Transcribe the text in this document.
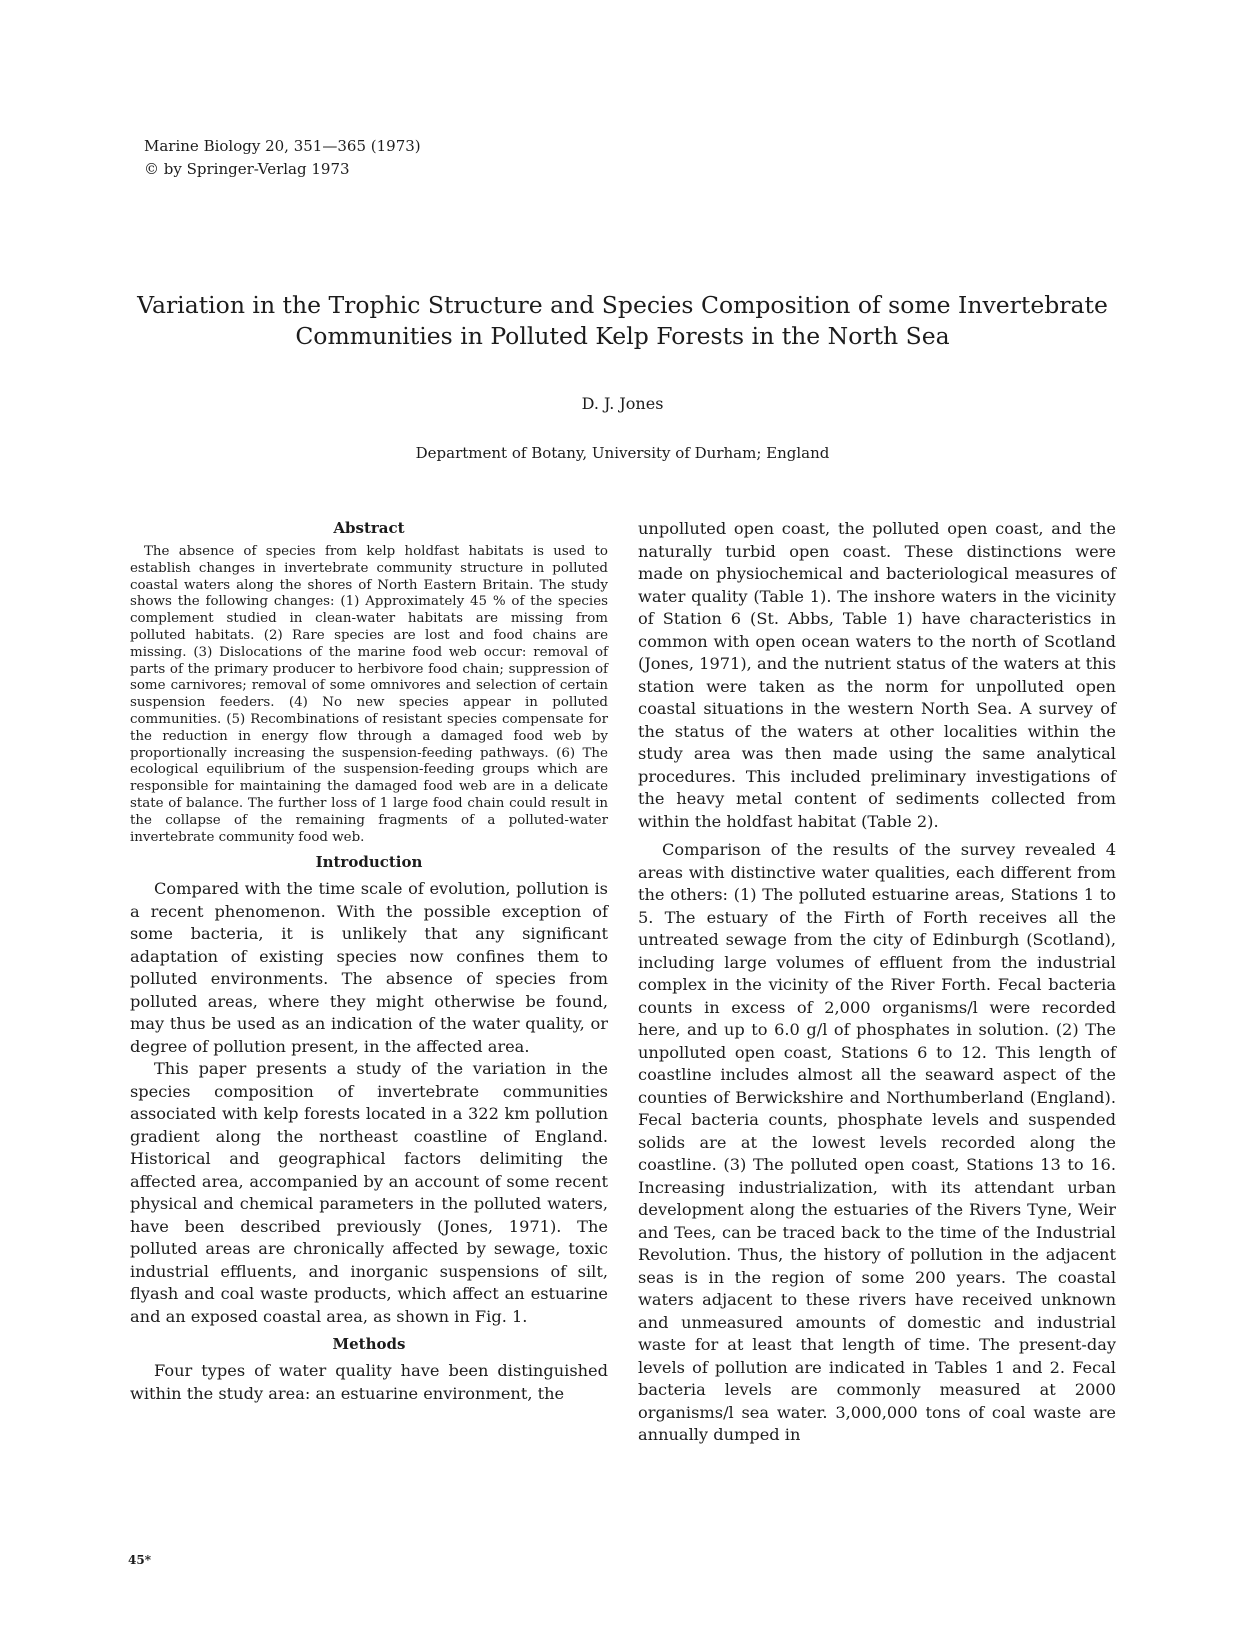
Marine Biology 20, 351—365 (1973)
© by Springer-Verlag 1973
Variation in the Trophic Structure and Species Composition of some Invertebrate
Communities in Polluted Kelp Forests in the North Sea
D. J. Jones
Department of Botany, University of Durham; England
Abstract

The absence of species from kelp holdfast habitats is used to establish changes in invertebrate community structure in polluted coastal waters along the shores of North Eastern Britain. The study shows the following changes: (1) Approximately 45 % of the species complement studied in clean-water habitats are missing from polluted habitats. (2) Rare species are lost and food chains are missing. (3) Dislocations of the marine food web occur: removal of parts of the primary producer to herbivore food chain; suppression of some carnivores; removal of some omnivores and selection of certain suspension feeders. (4) No new species appear in polluted communities. (5) Recombinations of resistant species compensate for the reduction in energy flow through a damaged food web by proportionally increasing the suspension-feeding pathways. (6) The ecological equilibrium of the suspension-feeding groups which are responsible for maintaining the damaged food web are in a delicate state of balance. The further loss of 1 large food chain could result in the collapse of the remaining fragments of a polluted-water invertebrate community food web.

Introduction

Compared with the time scale of evolution, pollution is a recent phenomenon. With the possible exception of some bacteria, it is unlikely that any significant adaptation of existing species now confines them to polluted environments. The absence of species from polluted areas, where they might otherwise be found, may thus be used as an indication of the water quality, or degree of pollution present, in the affected area.

This paper presents a study of the variation in the species composition of invertebrate communities associated with kelp forests located in a 322 km pollution gradient along the northeast coastline of England. Historical and geographical factors delimiting the affected area, accompanied by an account of some recent physical and chemical parameters in the polluted waters, have been described previously (Jones, 1971). The polluted areas are chronically affected by sewage, toxic industrial effluents, and inorganic suspensions of silt, flyash and coal waste products, which affect an estuarine and an exposed coastal area, as shown in Fig. 1.

Methods

Four types of water quality have been distinguished within the study area: an estuarine environment, the

unpolluted open coast, the polluted open coast, and the naturally turbid open coast. These distinctions were made on physiochemical and bacteriological measures of water quality (Table 1). The inshore waters in the vicinity of Station 6 (St. Abbs, Table 1) have characteristics in common with open ocean waters to the north of Scotland (Jones, 1971), and the nutrient status of the waters at this station were taken as the norm for unpolluted open coastal situations in the western North Sea. A survey of the status of the waters at other localities within the study area was then made using the same analytical procedures. This included preliminary investigations of the heavy metal content of sediments collected from within the holdfast habitat (Table 2).

Comparison of the results of the survey revealed 4 areas with distinctive water qualities, each different from the others: (1) The polluted estuarine areas, Stations 1 to 5. The estuary of the Firth of Forth receives all the untreated sewage from the city of Edinburgh (Scotland), including large volumes of effluent from the industrial complex in the vicinity of the River Forth. Fecal bacteria counts in excess of 2,000 organisms/l were recorded here, and up to 6.0 g/l of phosphates in solution. (2) The unpolluted open coast, Stations 6 to 12. This length of coastline includes almost all the seaward aspect of the counties of Berwickshire and Northumberland (England). Fecal bacteria counts, phosphate levels and suspended solids are at the lowest levels recorded along the coastline. (3) The polluted open coast, Stations 13 to 16. Increasing industrialization, with its attendant urban development along the estuaries of the Rivers Tyne, Weir and Tees, can be traced back to the time of the Industrial Revolution. Thus, the history of pollution in the adjacent seas is in the region of some 200 years. The coastal waters adjacent to these rivers have received unknown and unmeasured amounts of domestic and industrial waste for at least that length of time. The present-day levels of pollution are indicated in Tables 1 and 2. Fecal bacteria levels are commonly measured at 2000 organisms/l sea water. 3,000,000 tons of coal waste are annually dumped in

45*
